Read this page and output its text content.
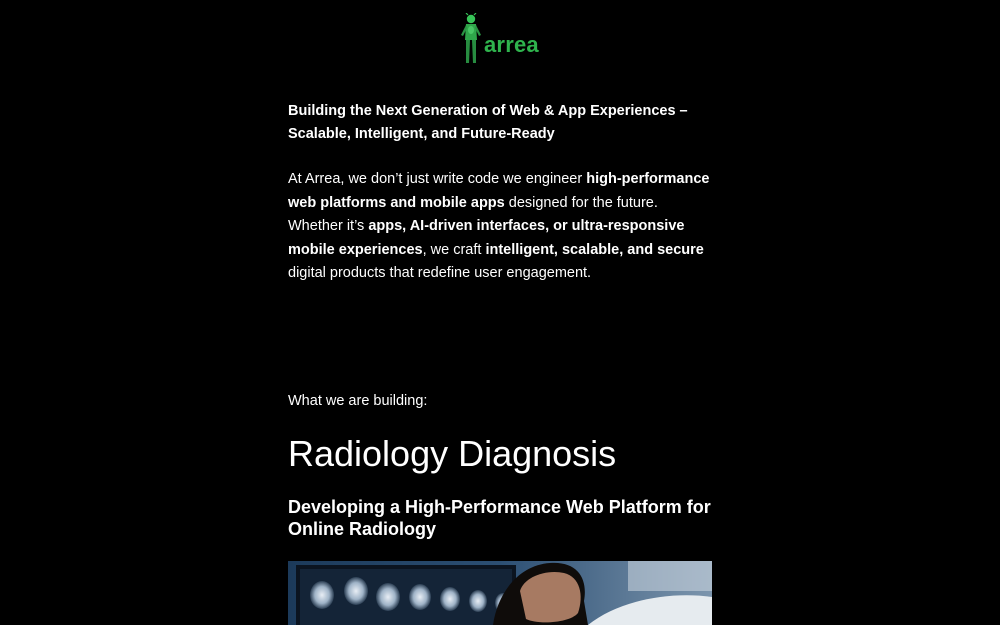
arrea

Building the Next Generation of Web & App Experiences – Scalable, Intelligent, and Future-Ready

At Arrea, we don’t just write code we engineer high-performance web platforms and mobile apps designed for the future. Whether it’s apps, AI-driven interfaces, or ultra-responsive mobile experiences, we craft intelligent, scalable, and secure digital products that redefine user engagement.

What we are building:

Radiology Diagnosis
Developing a High-Performance Web Platform for Online Radiology
